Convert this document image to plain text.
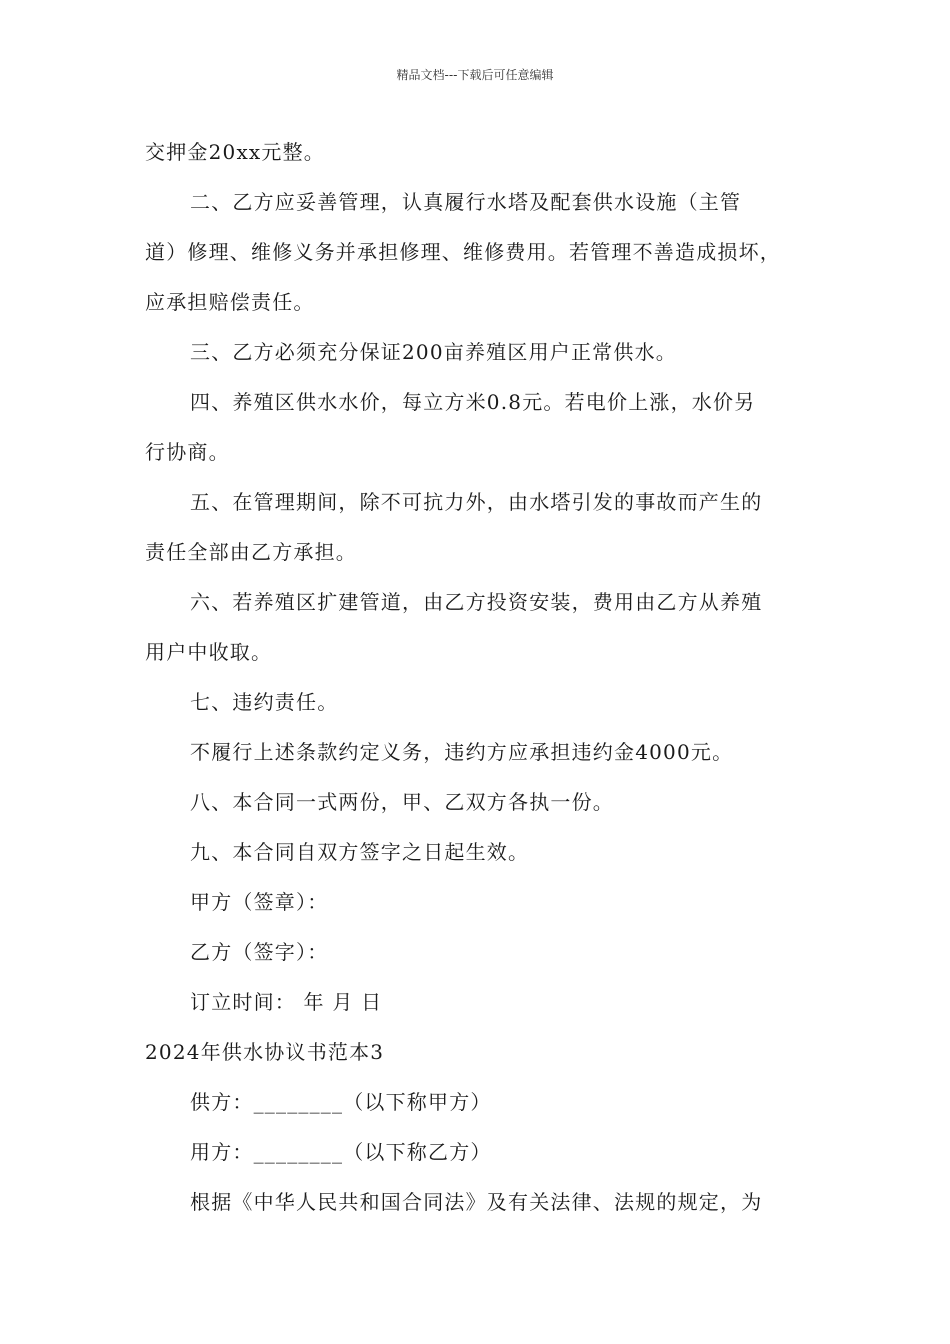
精品文档---下载后可任意编辑
交押金20xx元整。
二、乙方应妥善管理，认真履行水塔及配套供水设施（主管
道）修理、维修义务并承担修理、维修费用。若管理不善造成损坏，
应承担赔偿责任。
三、乙方必须充分保证200亩养殖区用户正常供水。
四、养殖区供水水价，每立方米0.8元。若电价上涨，水价另
行协商。
五、在管理期间，除不可抗力外，由水塔引发的事故而产生的
责任全部由乙方承担。
六、若养殖区扩建管道，由乙方投资安装，费用由乙方从养殖
用户中收取。
七、违约责任。
不履行上述条款约定义务，违约方应承担违约金4000元。
八、本合同一式两份，甲、乙双方各执一份。
九、本合同自双方签字之日起生效。
甲方（签章）：
乙方（签字）：
订立时间： 年 月 日
2024年供水协议书范本3
供方：________（以下称甲方）
用方：________（以下称乙方）
根据《中华人民共和国合同法》及有关法律、法规的规定，为
